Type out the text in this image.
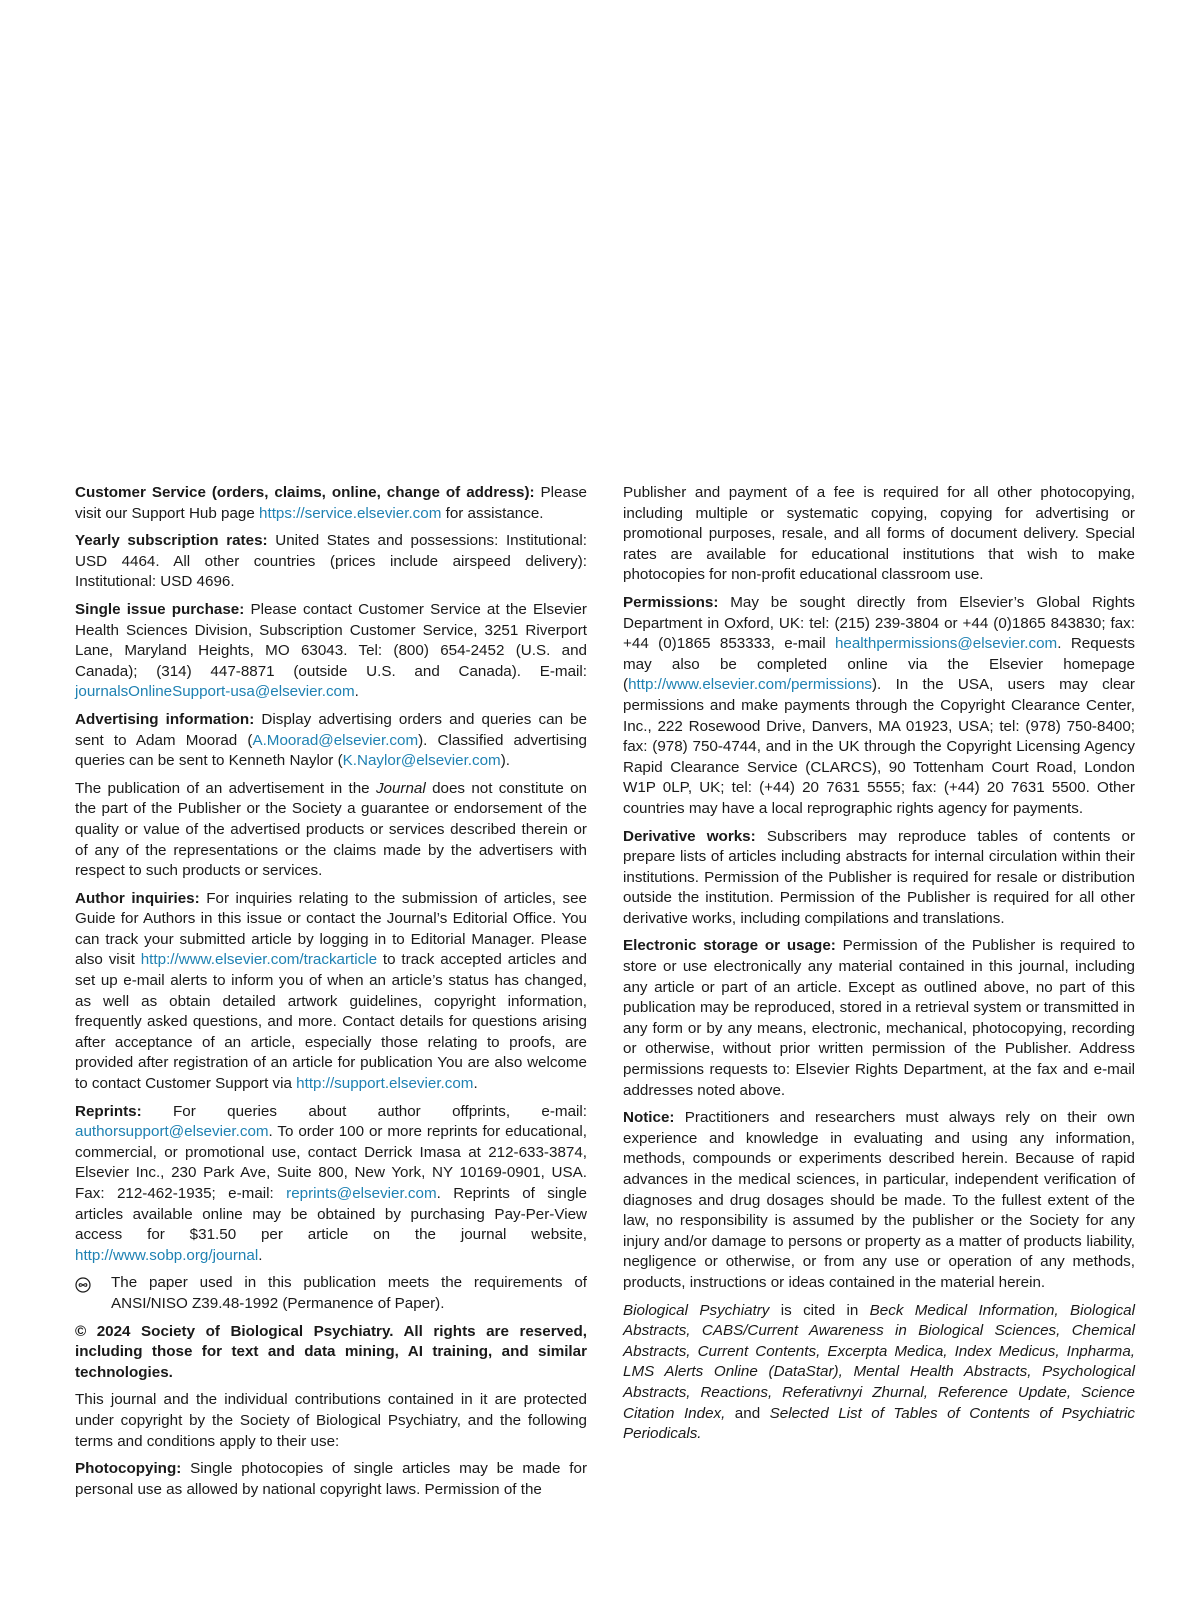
Customer Service (orders, claims, online, change of address): Please visit our Support Hub page https://service.elsevier.com for assistance.

Yearly subscription rates: United States and possessions: Institutional: USD 4464. All other countries (prices include airspeed delivery): Institutional: USD 4696.

Single issue purchase: Please contact Customer Service at the Elsevier Health Sciences Division, Subscription Customer Service, 3251 Riverport Lane, Maryland Heights, MO 63043. Tel: (800) 654-2452 (U.S. and Canada); (314) 447-8871 (outside U.S. and Canada). E-mail: journalsOnlineSupport-usa@elsevier.com.

Advertising information: Display advertising orders and queries can be sent to Adam Moorad (A.Moorad@elsevier.com). Classified advertising queries can be sent to Kenneth Naylor (K.Naylor@elsevier.com).

The publication of an advertisement in the Journal does not constitute on the part of the Publisher or the Society a guarantee or endorsement of the quality or value of the advertised products or services described therein or of any of the representations or the claims made by the advertisers with respect to such products or services.

Author inquiries: For inquiries relating to the submission of articles, see Guide for Authors in this issue or contact the Journal’s Editorial Office. You can track your submitted article by logging in to Editorial Manager. Please also visit http://www.elsevier.com/trackarticle to track accepted articles and set up e-mail alerts to inform you of when an article’s status has changed, as well as obtain detailed artwork guidelines, copyright information, frequently asked questions, and more. Contact details for questions arising after acceptance of an article, especially those relating to proofs, are provided after registration of an article for publication You are also welcome to contact Customer Support via http://support.elsevier.com.

Reprints: For queries about author offprints, e-mail: authorsupport@elsevier.com. To order 100 or more reprints for educational, commercial, or promotional use, contact Derrick Imasa at 212-633-3874, Elsevier Inc., 230 Park Ave, Suite 800, New York, NY 10169-0901, USA. Fax: 212-462-1935; e-mail: reprints@elsevier.com. Reprints of single articles available online may be obtained by purchasing Pay-Per-View access for $31.50 per article on the journal website, http://www.sobp.org/journal.

The paper used in this publication meets the requirements of ANSI/NISO Z39.48-1992 (Permanence of Paper).

© 2024 Society of Biological Psychiatry. All rights are reserved, including those for text and data mining, AI training, and similar technologies.

This journal and the individual contributions contained in it are protected under copyright by the Society of Biological Psychiatry, and the following terms and conditions apply to their use:

Photocopying: Single photocopies of single articles may be made for personal use as allowed by national copyright laws. Permission of the

Publisher and payment of a fee is required for all other photocopying, including multiple or systematic copying, copying for advertising or promotional purposes, resale, and all forms of document delivery. Special rates are available for educational institutions that wish to make photocopies for non-profit educational classroom use.

Permissions: May be sought directly from Elsevier’s Global Rights Department in Oxford, UK: tel: (215) 239-3804 or +44 (0)1865 843830; fax: +44 (0)1865 853333, e-mail healthpermissions@elsevier.com. Requests may also be completed online via the Elsevier homepage (http://www.elsevier.com/permissions). In the USA, users may clear permissions and make payments through the Copyright Clearance Center, Inc., 222 Rosewood Drive, Danvers, MA 01923, USA; tel: (978) 750-8400; fax: (978) 750-4744, and in the UK through the Copyright Licensing Agency Rapid Clearance Service (CLARCS), 90 Tottenham Court Road, London W1P 0LP, UK; tel: (+44) 20 7631 5555; fax: (+44) 20 7631 5500. Other countries may have a local reprographic rights agency for payments.

Derivative works: Subscribers may reproduce tables of contents or prepare lists of articles including abstracts for internal circulation within their institutions. Permission of the Publisher is required for resale or distribution outside the institution. Permission of the Publisher is required for all other derivative works, including compilations and translations.

Electronic storage or usage: Permission of the Publisher is required to store or use electronically any material contained in this journal, including any article or part of an article. Except as outlined above, no part of this publication may be reproduced, stored in a retrieval system or transmitted in any form or by any means, electronic, mechanical, photocopying, recording or otherwise, without prior written permission of the Publisher. Address permissions requests to: Elsevier Rights Department, at the fax and e-mail addresses noted above.

Notice: Practitioners and researchers must always rely on their own experience and knowledge in evaluating and using any information, methods, compounds or experiments described herein. Because of rapid advances in the medical sciences, in particular, independent verification of diagnoses and drug dosages should be made. To the fullest extent of the law, no responsibility is assumed by the publisher or the Society for any injury and/or damage to persons or property as a matter of products liability, negligence or otherwise, or from any use or operation of any methods, products, instructions or ideas contained in the material herein.

Biological Psychiatry is cited in Beck Medical Information, Biological Abstracts, CABS/Current Awareness in Biological Sciences, Chemical Abstracts, Current Contents, Excerpta Medica, Index Medicus, Inpharma, LMS Alerts Online (DataStar), Mental Health Abstracts, Psychological Abstracts, Reactions, Referativnyi Zhurnal, Reference Update, Science Citation Index, and Selected List of Tables of Contents of Psychiatric Periodicals.
